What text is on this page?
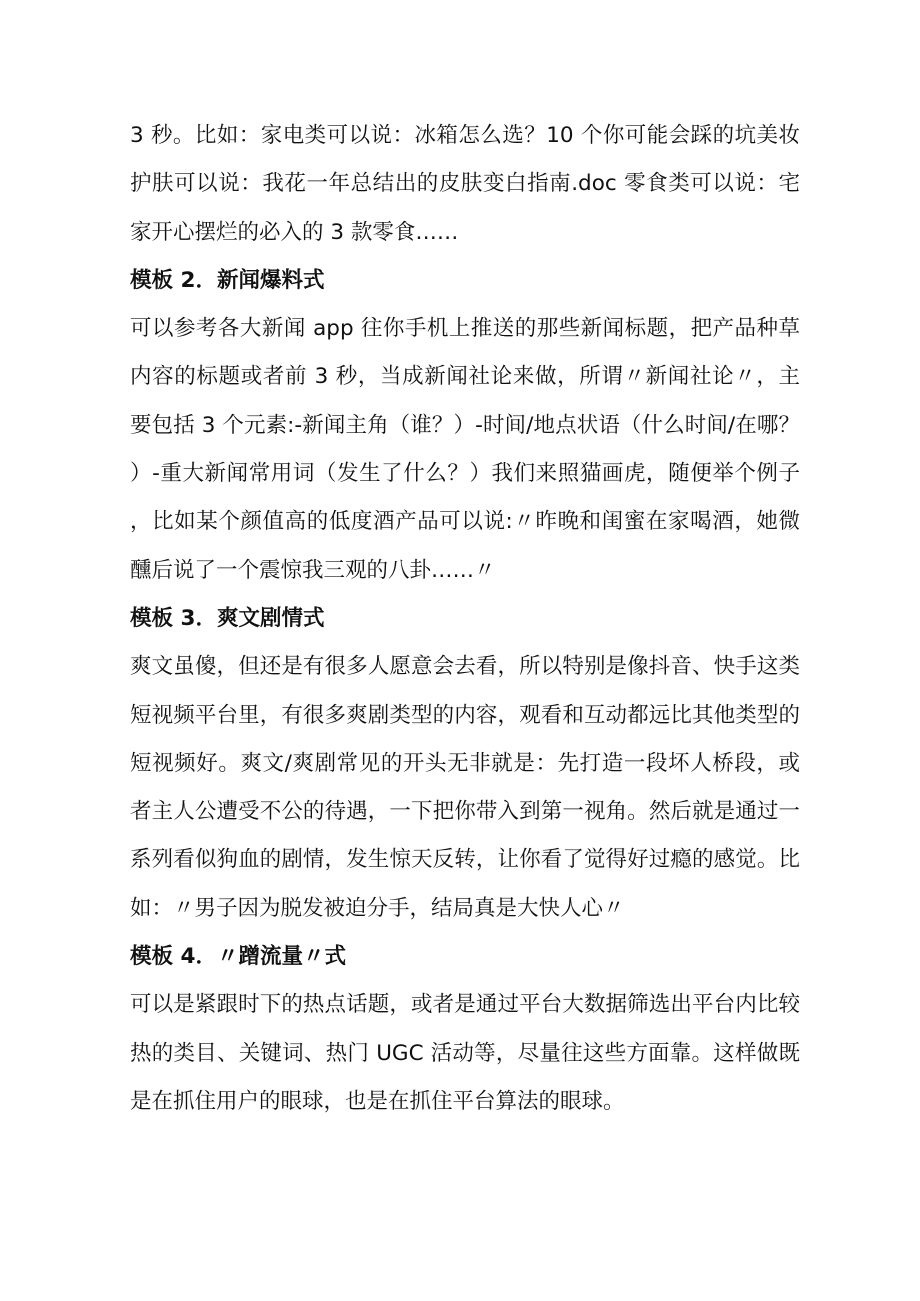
3 秒。比如：家电类可以说：冰箱怎么选？10 个你可能会踩的坑美妆护肤可以说：我花一年总结出的皮肤变白指南.doc 零食类可以说：宅家开心摆烂的必入的 3 款零食……

模板 2．新闻爆料式

可以参考各大新闻 app 往你手机上推送的那些新闻标题，把产品种草内容的标题或者前 3 秒，当成新闻社论来做，所谓〃新闻社论〃，主要包括 3 个元素:-新闻主角（谁？）-时间/地点状语（什么时间/在哪？）-重大新闻常用词（发生了什么？）我们来照猫画虎，随便举个例子，比如某个颜值高的低度酒产品可以说:〃昨晚和闺蜜在家喝酒，她微醺后说了一个震惊我三观的八卦……〃

模板 3．爽文剧情式

爽文虽傻，但还是有很多人愿意会去看，所以特别是像抖音、快手这类短视频平台里，有很多爽剧类型的内容，观看和互动都远比其他类型的短视频好。爽文/爽剧常见的开头无非就是：先打造一段坏人桥段，或者主人公遭受不公的待遇，一下把你带入到第一视角。然后就是通过一系列看似狗血的剧情，发生惊天反转，让你看了觉得好过瘾的感觉。比如：〃男子因为脱发被迫分手，结局真是大快人心〃

模板 4．〃蹭流量〃式

可以是紧跟时下的热点话题，或者是通过平台大数据筛选出平台内比较热的类目、关键词、热门 UGC 活动等，尽量往这些方面靠。这样做既是在抓住用户的眼球，也是在抓住平台算法的眼球。
